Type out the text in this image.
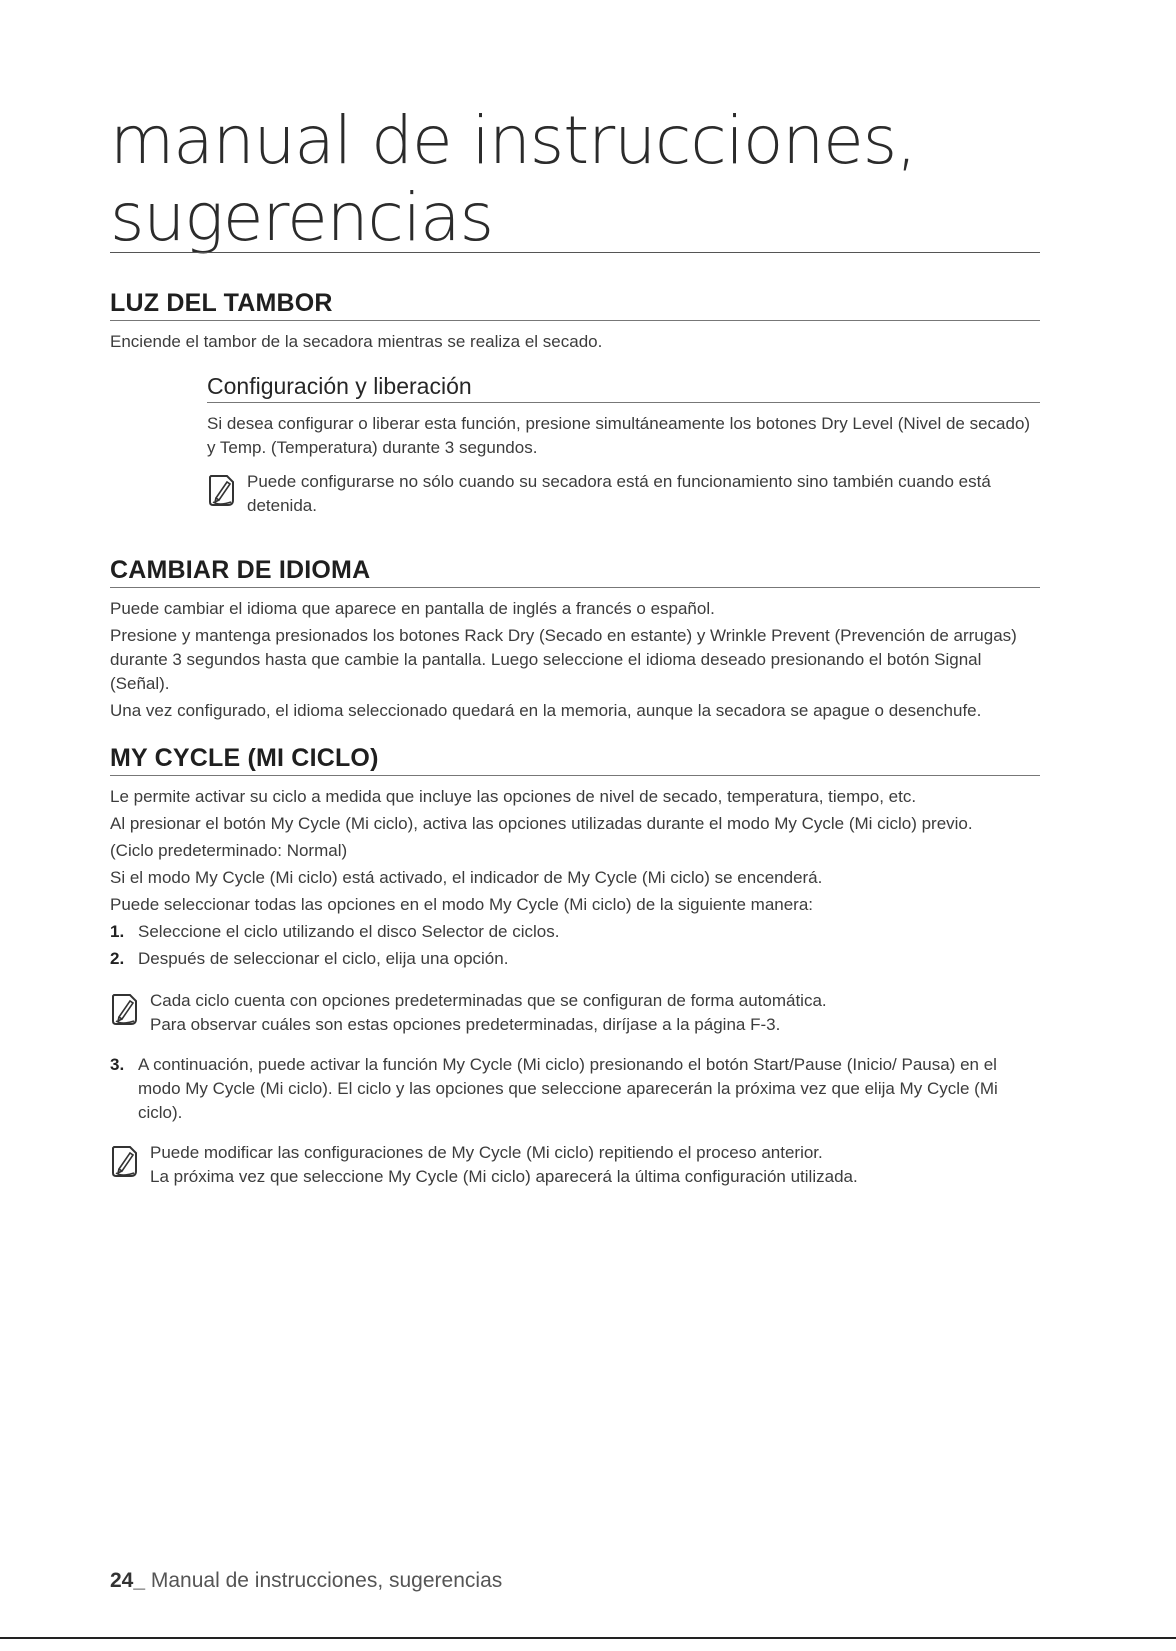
manual de instrucciones,
sugerencias
LUZ DEL TAMBOR

Enciende el tambor de la secadora mientras se realiza el secado.

Configuración y liberación

Si desea configurar o liberar esta función, presione simultáneamente los botones Dry Level (Nivel de secado) y Temp. (Temperatura) durante 3 segundos.

Puede configurarse no sólo cuando su secadora está en funcionamiento sino también cuando está detenida.
CAMBIAR DE IDIOMA

Puede cambiar el idioma que aparece en pantalla de inglés a francés o español.

Presione y mantenga presionados los botones Rack Dry (Secado en estante) y Wrinkle Prevent (Prevención de arrugas) durante 3 segundos hasta que cambie la pantalla. Luego seleccione el idioma deseado presionando el botón Signal (Señal).

Una vez configurado, el idioma seleccionado quedará en la memoria, aunque la secadora se apague o desenchufe.

MY CYCLE (MI CICLO)

Le permite activar su ciclo a medida que incluye las opciones de nivel de secado, temperatura, tiempo, etc.

Al presionar el botón My Cycle (Mi ciclo), activa las opciones utilizadas durante el modo My Cycle (Mi ciclo) previo.

(Ciclo predeterminado: Normal)

Si el modo My Cycle (Mi ciclo) está activado, el indicador de My Cycle (Mi ciclo) se encenderá.

Puede seleccionar todas las opciones en el modo My Cycle (Mi ciclo) de la siguiente manera:

1. Seleccione el ciclo utilizando el disco Selector de ciclos.
2. Después de seleccionar el ciclo, elija una opción.
Cada ciclo cuenta con opciones predeterminadas que se configuran de forma automática.
Para observar cuáles son estas opciones predeterminadas, diríjase a la página F-3.
3. A continuación, puede activar la función My Cycle (Mi ciclo) presionando el botón Start/Pause (Inicio/ Pausa) en el modo My Cycle (Mi ciclo). El ciclo y las opciones que seleccione aparecerán la próxima vez que elija My Cycle (Mi ciclo).
Puede modificar las configuraciones de My Cycle (Mi ciclo) repitiendo el proceso anterior.
La próxima vez que seleccione My Cycle (Mi ciclo) aparecerá la última configuración utilizada.
24_ Manual de instrucciones, sugerencias
